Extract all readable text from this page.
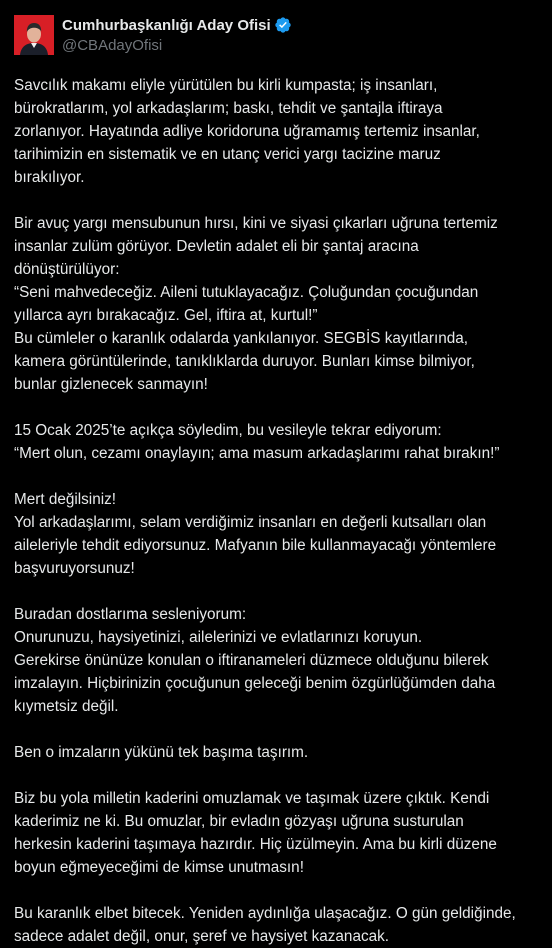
Cumhurbaşkanlığı Aday Ofisi
@CBAdayOfisi
Savcılık makamı eliyle yürütülen bu kirli kumpasta; iş insanları,
bürokratlarım, yol arkadaşlarım; baskı, tehdit ve şantajla iftiraya
zorlanıyor. Hayatında adliye koridoruna uğramamış tertemiz insanlar,
tarihimizin en sistematik ve en utanç verici yargı tacizine maruz
bırakılıyor.
Bir avuç yargı mensubunun hırsı, kini ve siyasi çıkarları uğruna tertemiz
insanlar zulüm görüyor. Devletin adalet eli bir şantaj aracına
dönüştürülüyor:
“Seni mahvedeceğiz. Aileni tutuklayacağız. Çoluğundan çocuğundan
yıllarca ayrı bırakacağız. Gel, iftira at, kurtul!”
Bu cümleler o karanlık odalarda yankılanıyor. SEGBİS kayıtlarında,
kamera görüntülerinde, tanıklıklarda duruyor. Bunları kimse bilmiyor,
bunlar gizlenecek sanmayın!
15 Ocak 2025’te açıkça söyledim, bu vesileyle tekrar ediyorum:
“Mert olun, cezamı onaylayın; ama masum arkadaşlarımı rahat bırakın!”
Mert değilsiniz!
Yol arkadaşlarımı, selam verdiğimiz insanları en değerli kutsalları olan
aileleriyle tehdit ediyorsunuz. Mafyanın bile kullanmayacağı yöntemlere
başvuruyorsunuz!
Buradan dostlarıma sesleniyorum:
Onurunuzu, haysiyetinizi, ailelerinizi ve evlatlarınızı koruyun.
Gerekirse önünüze konulan o iftiranameleri düzmece olduğunu bilerek
imzalayın. Hiçbirinizin çocuğunun geleceği benim özgürlüğümden daha
kıymetsiz değil.
Ben o imzaların yükünü tek başıma taşırım.
Biz bu yola milletin kaderini omuzlamak ve taşımak üzere çıktık. Kendi
kaderimiz ne ki. Bu omuzlar, bir evladın gözyaşı uğruna susturulan
herkesin kaderini taşımaya hazırdır. Hiç üzülmeyin. Ama bu kirli düzene
boyun eğmeyeceğimi de kimse unutmasın!
Bu karanlık elbet bitecek. Yeniden aydınlığa ulaşacağız. O gün geldiğinde,
sadece adalet değil, onur, şeref ve haysiyet kazanacak.
